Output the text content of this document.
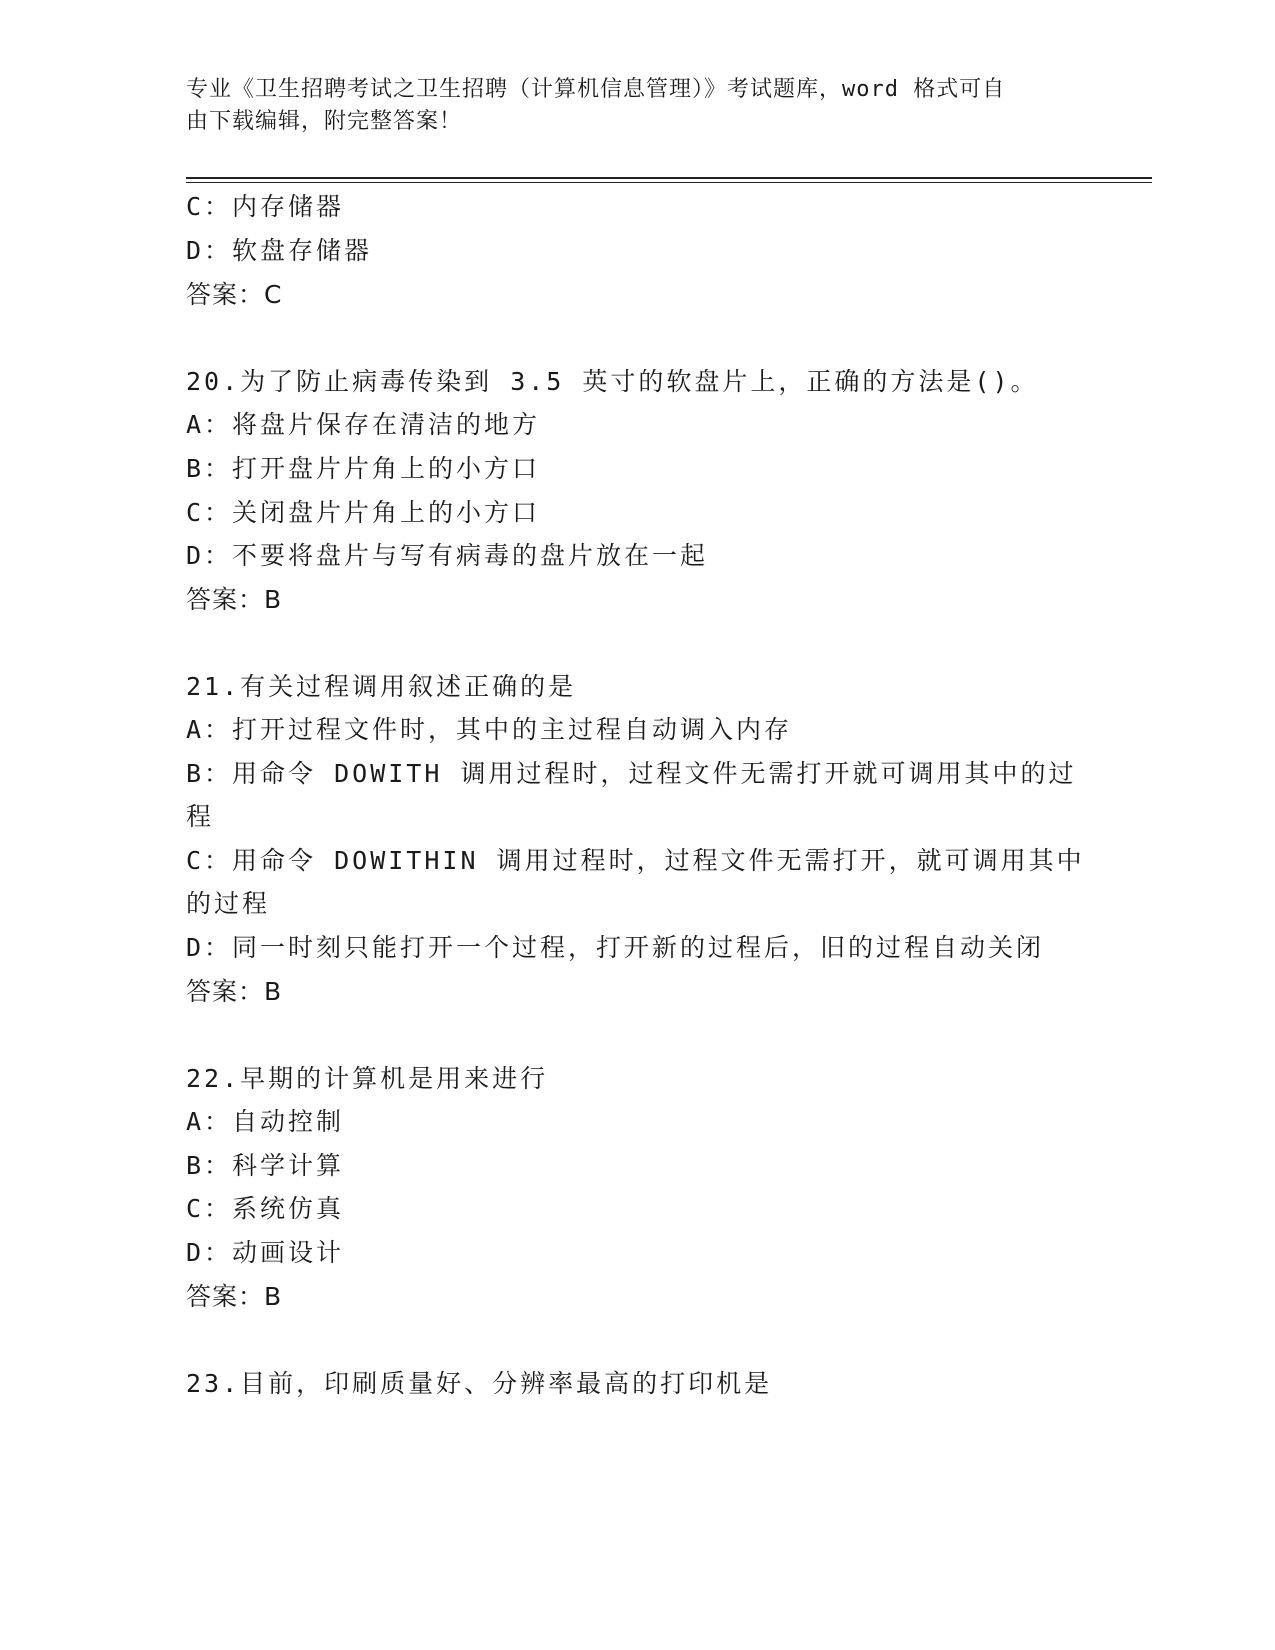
专业《卫生招聘考试之卫生招聘（计算机信息管理）》考试题库，word 格式可自
由下载编辑，附完整答案！
C：内存储器
D：软盘存储器
答案：C
20.为了防止病毒传染到 3.5 英寸的软盘片上，正确的方法是()。
A：将盘片保存在清洁的地方
B：打开盘片片角上的小方口
C：关闭盘片片角上的小方口
D：不要将盘片与写有病毒的盘片放在一起
答案：B
21.有关过程调用叙述正确的是
A：打开过程文件时，其中的主过程自动调入内存
B：用命令 DOWITH 调用过程时，过程文件无需打开就可调用其中的过
程
C：用命令 DOWITHIN 调用过程时，过程文件无需打开，就可调用其中
的过程
D：同一时刻只能打开一个过程，打开新的过程后，旧的过程自动关闭
答案：B
22.早期的计算机是用来进行
A：自动控制
B：科学计算
C：系统仿真
D：动画设计
答案：B
23.目前，印刷质量好、分辨率最高的打印机是
